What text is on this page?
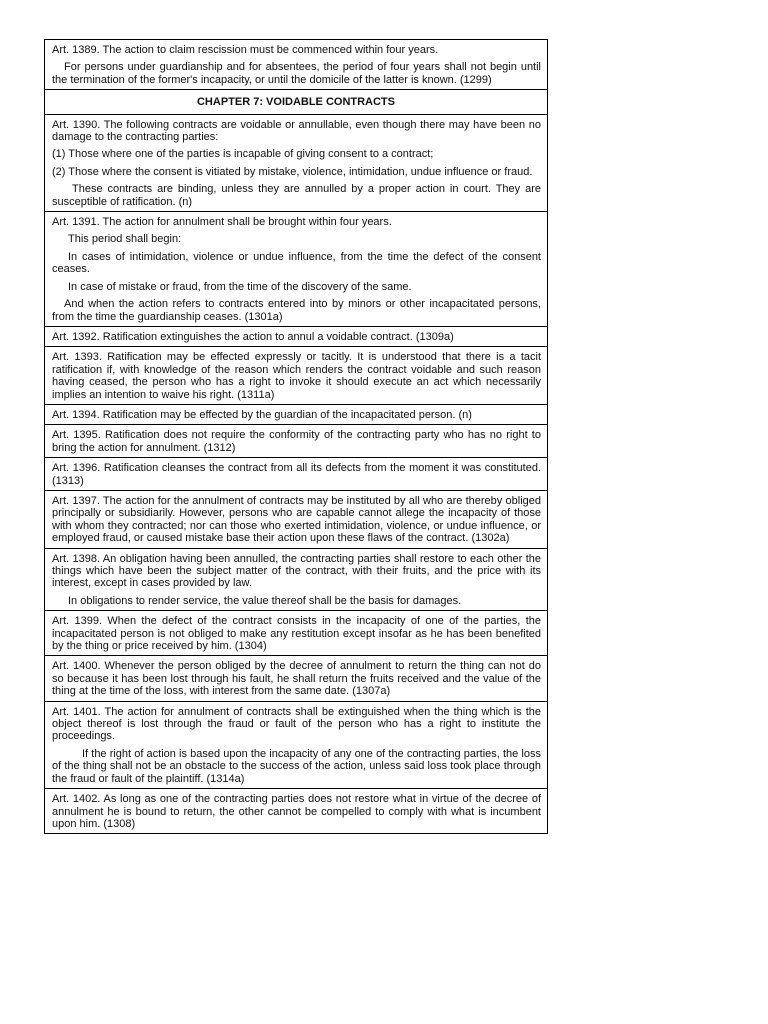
Art. 1389. The action to claim rescission must be commenced within four years.

For persons under guardianship and for absentees, the period of four years shall not begin until the termination of the former's incapacity, or until the domicile of the latter is known. (1299)

CHAPTER 7: VOIDABLE CONTRACTS

Art. 1390. The following contracts are voidable or annullable, even though there may have been no damage to the contracting parties:

(1) Those where one of the parties is incapable of giving consent to a contract;

(2) Those where the consent is vitiated by mistake, violence, intimidation, undue influence or fraud.

These contracts are binding, unless they are annulled by a proper action in court. They are susceptible of ratification. (n)

Art. 1391. The action for annulment shall be brought within four years.

This period shall begin:

In cases of intimidation, violence or undue influence, from the time the defect of the consent ceases.

In case of mistake or fraud, from the time of the discovery of the same.

And when the action refers to contracts entered into by minors or other incapacitated persons, from the time the guardianship ceases. (1301a)

Art. 1392. Ratification extinguishes the action to annul a voidable contract. (1309a)

Art. 1393. Ratification may be effected expressly or tacitly. It is understood that there is a tacit ratification if, with knowledge of the reason which renders the contract voidable and such reason having ceased, the person who has a right to invoke it should execute an act which necessarily implies an intention to waive his right. (1311a)

Art. 1394. Ratification may be effected by the guardian of the incapacitated person. (n)

Art. 1395. Ratification does not require the conformity of the contracting party who has no right to bring the action for annulment. (1312)

Art. 1396. Ratification cleanses the contract from all its defects from the moment it was constituted. (1313)

Art. 1397. The action for the annulment of contracts may be instituted by all who are thereby obliged principally or subsidiarily. However, persons who are capable cannot allege the incapacity of those with whom they contracted; nor can those who exerted intimidation, violence, or undue influence, or employed fraud, or caused mistake base their action upon these flaws of the contract. (1302a)

Art. 1398. An obligation having been annulled, the contracting parties shall restore to each other the things which have been the subject matter of the contract, with their fruits, and the price with its interest, except in cases provided by law.

In obligations to render service, the value thereof shall be the basis for damages.

Art. 1399. When the defect of the contract consists in the incapacity of one of the parties, the incapacitated person is not obliged to make any restitution except insofar as he has been benefited by the thing or price received by him. (1304)

Art. 1400. Whenever the person obliged by the decree of annulment to return the thing can not do so because it has been lost through his fault, he shall return the fruits received and the value of the thing at the time of the loss, with interest from the same date. (1307a)

Art. 1401. The action for annulment of contracts shall be extinguished when the thing which is the object thereof is lost through the fraud or fault of the person who has a right to institute the proceedings.

If the right of action is based upon the incapacity of any one of the contracting parties, the loss of the thing shall not be an obstacle to the success of the action, unless said loss took place through the fraud or fault of the plaintiff. (1314a)

Art. 1402. As long as one of the contracting parties does not restore what in virtue of the decree of annulment he is bound to return, the other cannot be compelled to comply with what is incumbent upon him. (1308)
